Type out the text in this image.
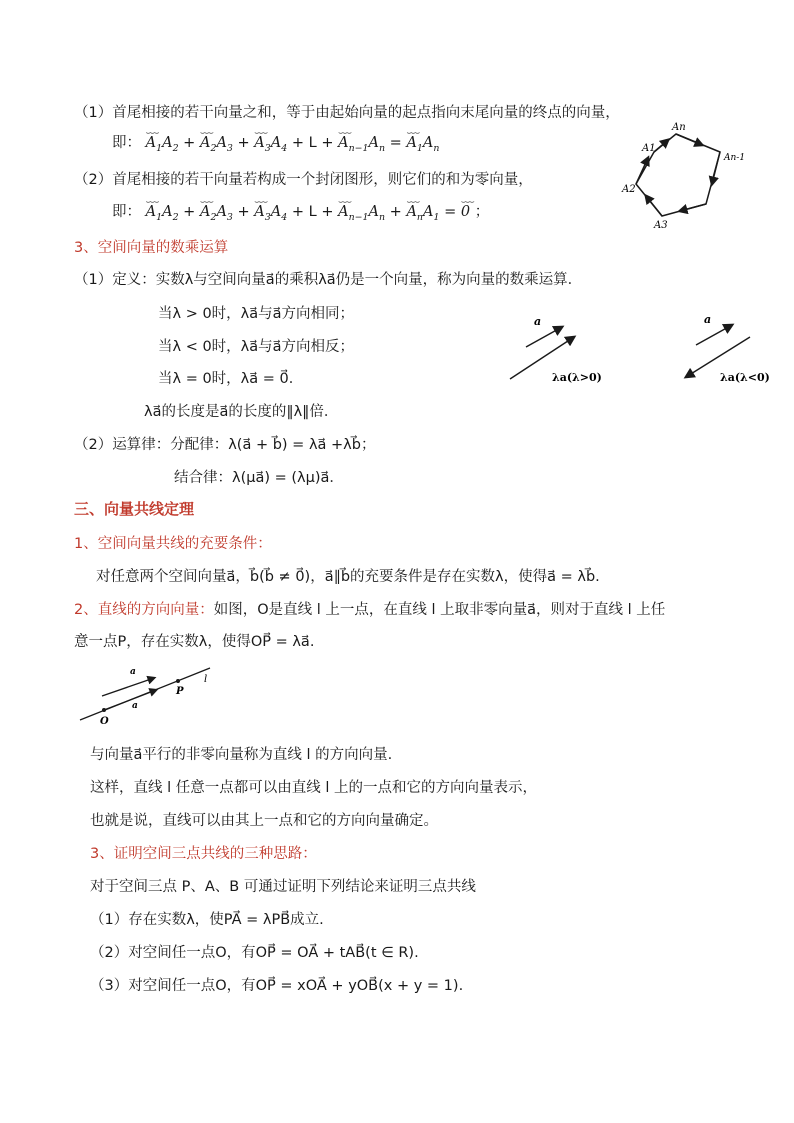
（1）首尾相接的若干向量之和，等于由起始向量的起点指向末尾向量的终点的向量，
即： ⌣⌣⌣ $A_1A_2$ + ⌣⌣⌣ $A_2A_3$ + ⌣⌣⌣ $A_3A_4 + L$ + ⌣⌣⌣ $A_{n-1}A_n$ = ⌣⌣⌣ $A_1A_n$
（2）首尾相接的若干向量若构成一个封闭图形，则它们的和为零向量，
即： ⌣⌣⌣ $A_1A_2$ + ⌣⌣⌣ $A_2A_3$ + ⌣⌣⌣ $A_3A_4 + L$ + ⌣⌣⌣ $A_{n-1}A_n$ + ⌣⌣⌣ $A_nA_1$ = ⌣⌣⌣ 0 ；
A1
A2
A3
An
An-1
3、空间向量的数乘运算
（1）定义：实数λ与空间向量a⃗的乘积λa⃗仍是一个向量，称为向量的数乘运算．
当λ > 0时，λa⃗与a⃗方向相同；
当λ < 0时，λa⃗与a⃗方向相反；
当λ = 0时，λa⃗ = 0⃗．
λa⃗的长度是a⃗的长度的‖λ‖倍．
（2）运算律：分配律：λ(a⃗ + b⃗) = λa⃗ +λb⃗；
结合律：λ(μa⃗) = (λμ)a⃗．
a
λa(λ>0)
a
λa(λ<0)
三、向量共线定理
1、空间向量共线的充要条件：
对任意两个空间向量a⃗，b⃗(b⃗ ≠ 0⃗)，a⃗∥b⃗的充要条件是存在实数λ，使得a⃗ = λb⃗.
2、直线的方向向量：如图，O是直线 l 上一点，在直线 l 上取非零向量a⃗，则对于直线 l 上任
意一点P，存在实数λ，使得OP⃗ = λa⃗.
a
a
P
l
O
与向量a⃗平行的非零向量称为直线 l 的方向向量.
这样，直线 l 任意一点都可以由直线 l 上的一点和它的方向向量表示，
也就是说，直线可以由其上一点和它的方向向量确定。
3、证明空间三点共线的三种思路：
对于空间三点 P、A、B 可通过证明下列结论来证明三点共线
（1）存在实数λ，使PA⃗ = λPB⃗成立.
（2）对空间任一点O，有OP⃗ = OA⃗ + tAB⃗(t ∈ R).
（3）对空间任一点O，有OP⃗ = xOA⃗ + yOB⃗(x + y = 1).
